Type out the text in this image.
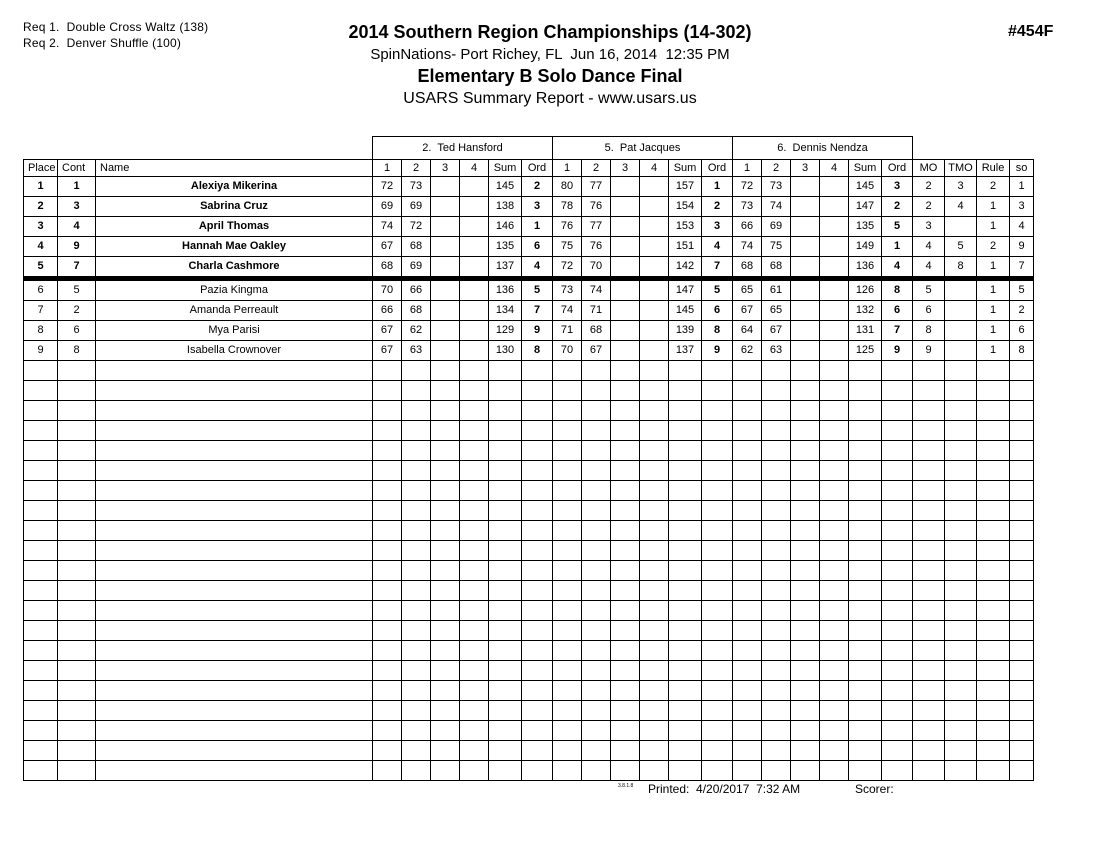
Req 1.  Double Cross Waltz (138)
Req 2.  Denver Shuffle (100)
2014 Southern Region Championships (14-302)
SpinNations- Port Richey, FL  Jun 16, 2014  12:35 PM
Elementary B Solo Dance Final
USARS Summary Report - www.usars.us
#454F
			2.  Ted Hansford						5.  Pat Jacques						6.  Dennis Nendza									
Place	Cont	Name	1	2	3	4	Sum	Ord	1	2	3	4	Sum	Ord	1	2	3	4	Sum	Ord	MO	TMO	Rule	so
1	1	Alexiya Mikerina	72	73			145	2	80	77			157	1	72	73			145	3	2	3	2	1
2	3	Sabrina Cruz	69	69			138	3	78	76			154	2	73	74			147	2	2	4	1	3
3	4	April Thomas	74	72			146	1	76	77			153	3	66	69			135	5	3		1	4
4	9	Hannah Mae Oakley	67	68			135	6	75	76			151	4	74	75			149	1	4	5	2	9
5	7	Charla Cashmore	68	69			137	4	72	70			142	7	68	68			136	4	4	8	1	7
6	5	Pazia Kingma	70	66			136	5	73	74			147	5	65	61			126	8	5		1	5
7	2	Amanda Perreault	66	68			134	7	74	71			145	6	67	65			132	6	6		1	2
8	6	Mya Parisi	67	62			129	9	71	68			139	8	64	67			131	7	8		1	6
9	8	Isabella Crownover	67	63			130	8	70	67			137	9	62	63			125	9	9		1	8

3.8.1.8 Printed:  4/20/2017  7:32 AM	Scorer:
